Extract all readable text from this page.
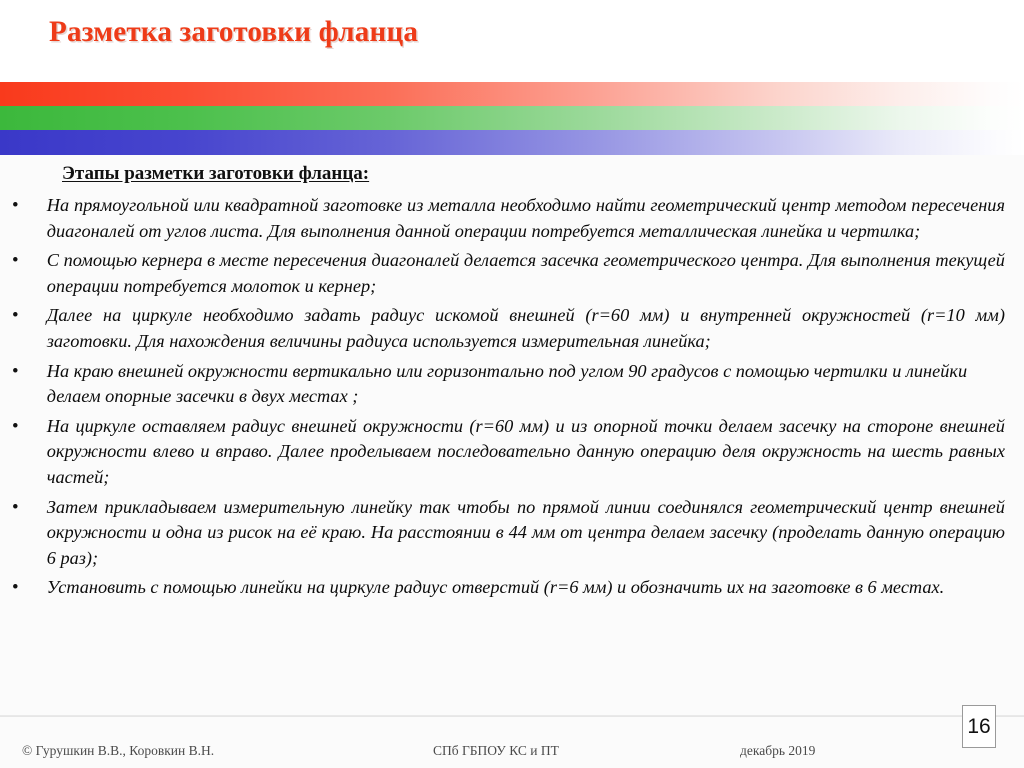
Разметка заготовки фланца
Этапы разметки заготовки фланца:
• На прямоугольной или квадратной заготовке из металла необходимо найти геометрический центр методом пересечения диагоналей от углов листа. Для выполнения данной операции потребуется металлическая линейка и чертилка;
• С помощью кернера в месте пересечения диагоналей делается засечка геометрического центра. Для выполнения текущей операции потребуется молоток и кернер;
• Далее на циркуле необходимо задать радиус искомой внешней (r=60 мм) и внутренней окружностей (r=10 мм) заготовки. Для нахождения величины радиуса используется измерительная линейка;
• На краю внешней окружности вертикально или горизонтально под углом 90 градусов с помощью чертилки и линейки делаем опорные засечки в двух местах ;
• На циркуле оставляем радиус внешней окружности (r=60 мм) и из опорной точки делаем засечку на стороне внешней окружности влево и вправо. Далее проделываем последовательно данную операцию деля окружность на шесть равных частей;
• Затем прикладываем измерительную линейку так чтобы по прямой линии соединялся геометрический центр внешней окружности и одна из рисок на её краю. На расстоянии в 44 мм от центра делаем засечку (проделать данную операцию 6 раз);
• Установить с помощью линейки на циркуле радиус отверстий (r=6 мм) и обозначить их на заготовке в 6 местах.
© Гурушкин В.В., Коровкин В.Н.	СПб ГБПОУ КС и ПТ	декабрь 2019
16
